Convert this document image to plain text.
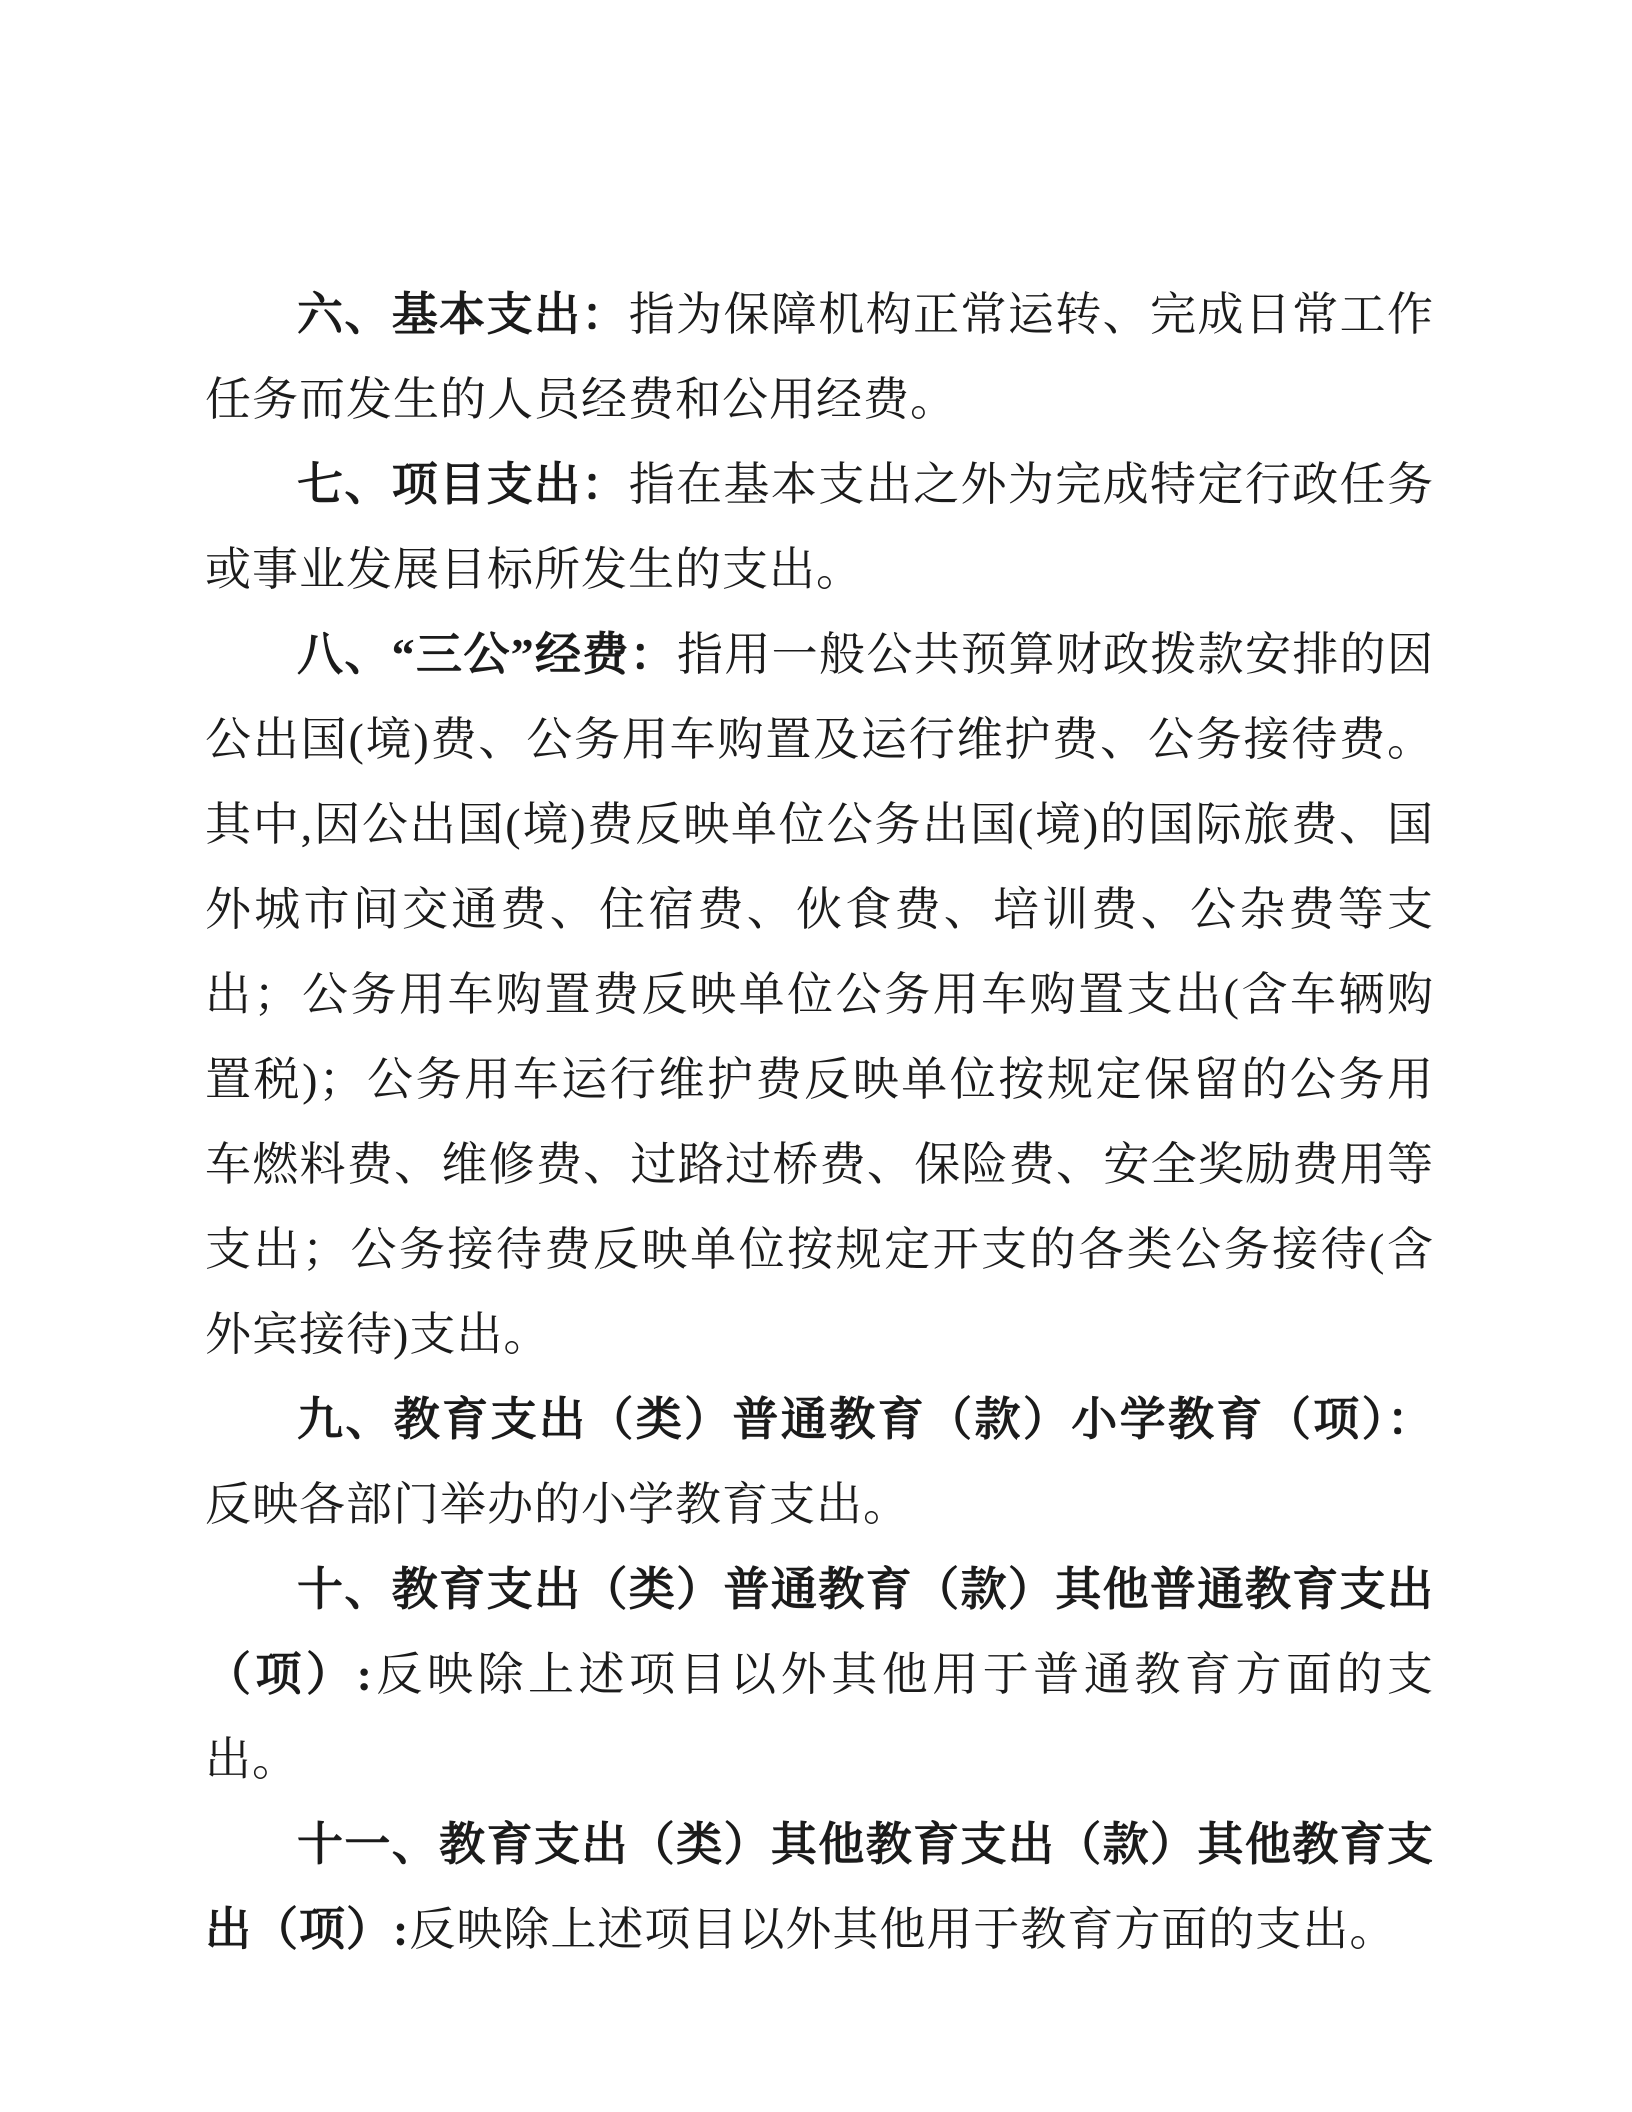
六、基本支出：指为保障机构正常运转、完成日常工作任务而发生的人员经费和公用经费。

七、项目支出：指在基本支出之外为完成特定行政任务或事业发展目标所发生的支出。

八、“三公”经费：指用一般公共预算财政拨款安排的因公出国(境)费、公务用车购置及运行维护费、公务接待费。其中,因公出国(境)费反映单位公务出国(境)的国际旅费、国外城市间交通费、住宿费、伙食费、培训费、公杂费等支出；公务用车购置费反映单位公务用车购置支出(含车辆购置税)；公务用车运行维护费反映单位按规定保留的公务用车燃料费、维修费、过路过桥费、保险费、安全奖励费用等支出；公务接待费反映单位按规定开支的各类公务接待(含外宾接待)支出。

九、教育支出（类）普通教育（款）小学教育（项）：反映各部门举办的小学教育支出。

十、教育支出（类）普通教育（款）其他普通教育支出（项）:反映除上述项目以外其他用于普通教育方面的支出。

十一、教育支出（类）其他教育支出（款）其他教育支出（项）:反映除上述项目以外其他用于教育方面的支出。
